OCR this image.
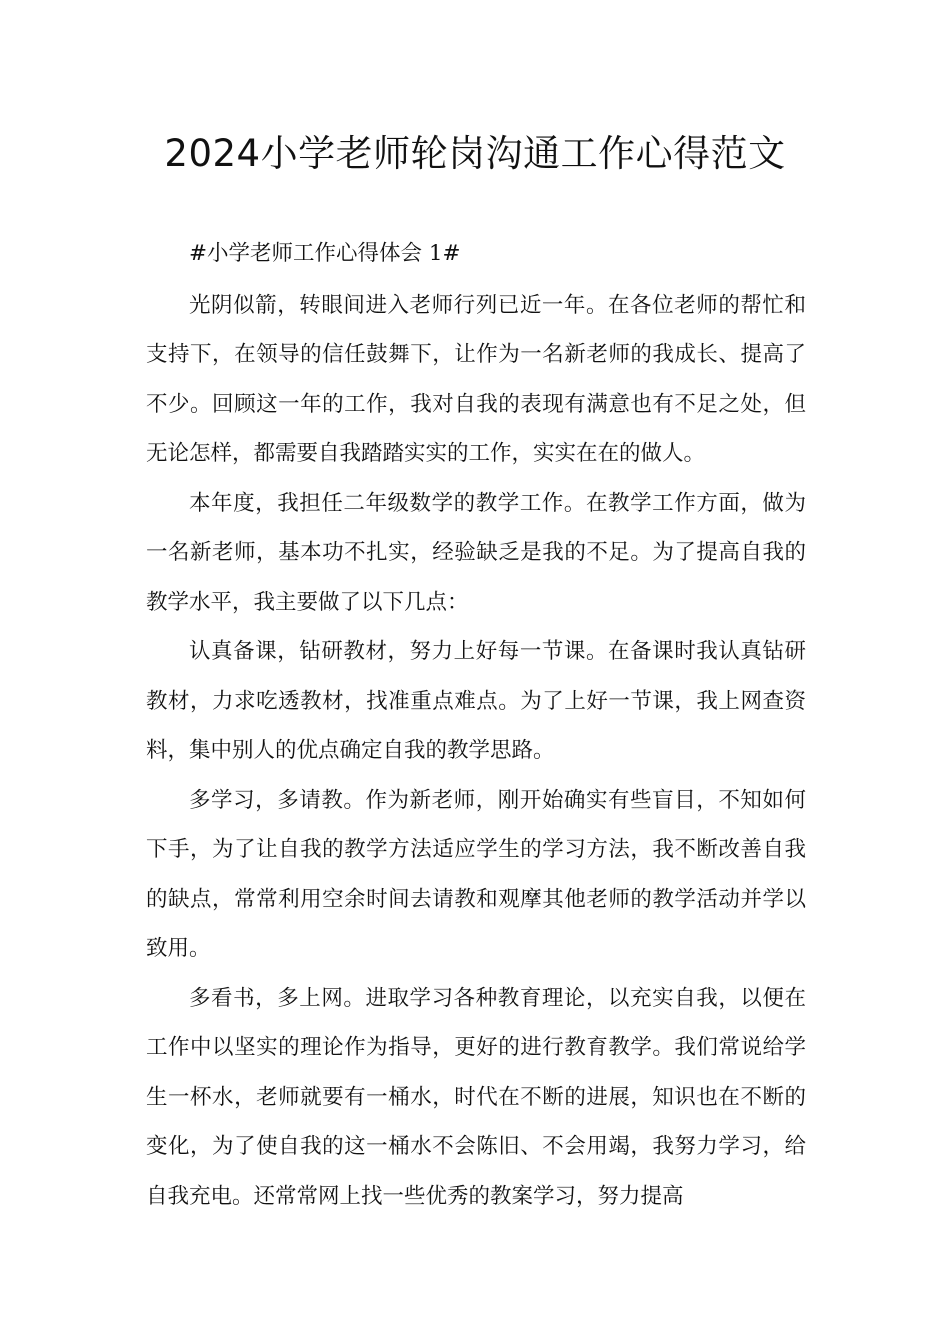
2024小学老师轮岗沟通工作心得范文

#小学老师工作心得体会 1#

光阴似箭，转眼间进入老师行列已近一年。在各位老师的帮忙和支持下，在领导的信任鼓舞下，让作为一名新老师的我成长、提高了不少。回顾这一年的工作，我对自我的表现有满意也有不足之处，但无论怎样，都需要自我踏踏实实的工作，实实在在的做人。

本年度，我担任二年级数学的教学工作。在教学工作方面，做为一名新老师，基本功不扎实，经验缺乏是我的不足。为了提高自我的教学水平，我主要做了以下几点：

认真备课，钻研教材，努力上好每一节课。在备课时我认真钻研教材，力求吃透教材，找准重点难点。为了上好一节课，我上网查资料，集中别人的优点确定自我的教学思路。

多学习，多请教。作为新老师，刚开始确实有些盲目，不知如何下手，为了让自我的教学方法适应学生的学习方法，我不断改善自我的缺点，常常利用空余时间去请教和观摩其他老师的教学活动并学以致用。

多看书，多上网。进取学习各种教育理论，以充实自我，以便在工作中以坚实的理论作为指导，更好的进行教育教学。我们常说给学生一杯水，老师就要有一桶水，时代在不断的进展，知识也在不断的变化，为了使自我的这一桶水不会陈旧、不会用竭，我努力学习，给自我充电。还常常网上找一些优秀的教案学习，努力提高
